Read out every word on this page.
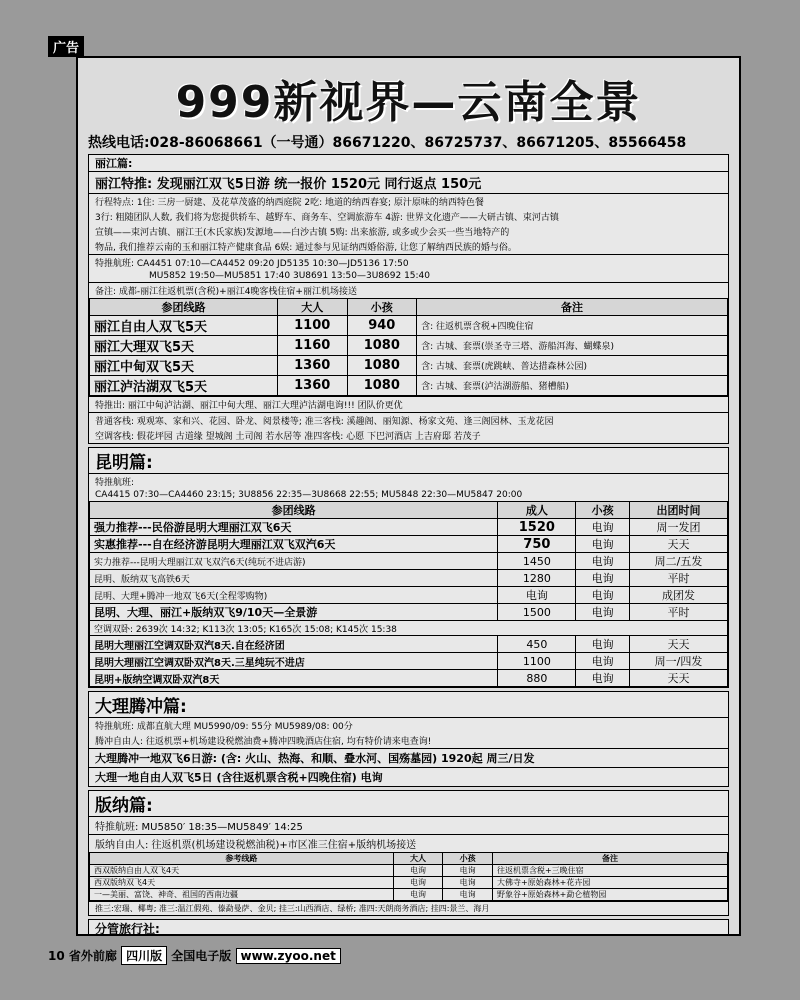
广告
999新视界—云南全景
热线电话:028-86068661（一号通）86671220、86725737、86671205、85566458
丽江篇:
丽江特推: 发现丽江双飞5日游 统一报价 1520元 同行返点 150元
行程特点: 1住: 三房一厨建、及花草茂盛的纳西庭院 2吃: 地道的纳西春宴; 原汁原味的纳西特色餐
3行: 粗随团队人数, 我们将为您提供轿车、越野车、商务车、空调旅游车 4游: 世界文化遗产——大研古镇、束河古镇
宣镇——束河古镇、丽江王(木氏家族)发源地——白沙古镇 5购: 出来旅游, 或多或少会买一些当地特产的
物品, 我们推荐云南的玉和丽江特产健康食品 6娱: 通过参与见证纳西婚俗游, 让您了解纳西民族的婚与俗。
特推航班: CA4451 07:10—CA4452 09:20 JD5135 10:30—JD5136 17:50
MU5852 19:50—MU5851 17:40 3U8691 13:50—3U8692 15:40
备注: 成都-丽江往返机票(含税)+丽江4晚客栈住宿+丽江机场接送
参团线路	大人	小孩	备注
丽江自由人双飞5天	1100	940	含: 往返机票含税+四晚住宿
丽江大理双飞5天	1160	1080	含: 古城、套票(崇圣寺三塔、游船洱海、蝴蝶泉)
丽江中甸双飞5天	1360	1080	含: 古城、套票(虎跳峡、普达措森林公园)
丽江泸沽湖双飞5天	1360	1080	含: 古城、套票(泸沽湖游船、猪槽船)
特推出: 丽江中甸泸沽湖、丽江中甸大理、丽江大理泸沽湖电询!!! 团队价更优
普通客栈: 观观寒、家和兴、花园、卧龙、阅景楼等; 准三客栈: 溪趣阁、丽知源、杨家文苑、逢三阁园林、玉龙花园
空调客栈: 假花坪园 古道缘 望城阁 土司阁 若水居等 准四客栈: 心愿 下巴河酒店 上吉府邸 若茂子
昆明篇:
特推航班:
CA4415 07:30—CA4460 23:15; 3U8856 22:35—3U8668 22:55; MU5848 22:30—MU5847 20:00
参团线路	成人	小孩	出团时间
强力推荐---民俗游昆明大理丽江双飞6天	1520	电询	周一发团
实惠推荐---自在经济游昆明大理丽江双飞双汽6天	750	电询	天天
实力推荐---昆明大理丽江双飞双汽6天(纯玩不进店游)	1450	电询	周二/五发
昆明、版纳双飞高铁6天	1280	电询	平时
昆明、大理+腾冲一地双飞6天(全程零购物)	电询	电询	成团发
昆明、大理、丽江+版纳双飞9/10天—全景游	1500	电询	平时
空调双卧: 2639次 14:32; K113次 13:05; K165次 15:08; K145次 15:38			
昆明大理丽江空调双卧双汽8天.自在经济团	450	电询	天天
昆明大理丽江空调双卧双汽8天.三星纯玩不进店	1100	电询	周一/四发
昆明+版纳空调双卧双汽8天	880	电询	天天
大理腾冲篇:
特推航班: 成都直航大理 MU5990/09: 55分 MU5989/08: 00分
腾冲自由人: 往返机票+机场建设税燃油费+腾冲四晚酒店住宿, 均有特价请来电查询!
大理腾冲一地双飞6日游: (含: 火山、热海、和顺、叠水河、国殇墓园) 1920起 周三/日发
大理一地自由人双飞5日 (含往返机票含税+四晚住宿) 电询
版纳篇:
特推航班: MU5850′ 18:35—MU5849′ 14:25
版纳自由人: 往返机票(机场建设税燃油税)+市区准三住宿+版纳机场接送
参考线路	大人	小孩	备注
西双版纳自由人双飞4天	电询	电询	往返机票含税+三晚住宿
西双版纳双飞4天	电询	电询	大佛寺+原始森林+花卉园
一—美丽、富饶、神奇、祖国的西南边疆	电询	电询	野象谷+原始森林+勐仑植物园
推三:宏瑞、椰粤; 准三:温江假苑、傣勐曼萨、金贝; 挂三:山西酒店、绿桥; 准四:天朗商务酒店; 挂四:景兰、海月
分管旅行社:

10 省外前廊 四川版 全国电子版 www.zyoo.net
